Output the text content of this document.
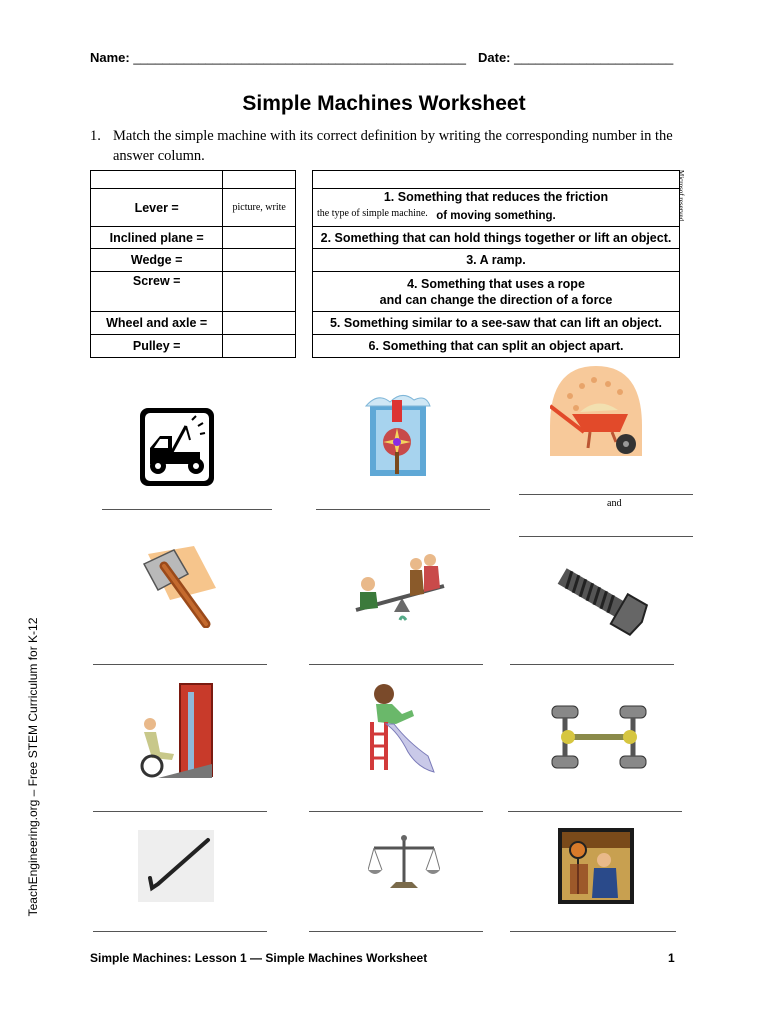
Name: ______________________________________________ Date: ______________________
Simple Machines Worksheet
1. Match the simple machine with its correct definition by writing the corresponding number in the answer column.

Lever =	picture, write
Inclined plane =	
Wedge =	
Screw =	
Wheel and axle =	
Pulley =	

1. Something that reduces the friction
of moving something.
the type of simple machine.

2. Something that can hold things together or lift an object.
3. A ramp.

4. Something that uses a rope
and can change the direction of a force

5. Something similar to a see-saw that can lift an object.
6. Something that can split an object apart.
Microsof reserved.
and
Simple Machines: Lesson 1 — Simple Machines Worksheet	1
TeachEngineering.org – Free STEM Curriculum for K-12
